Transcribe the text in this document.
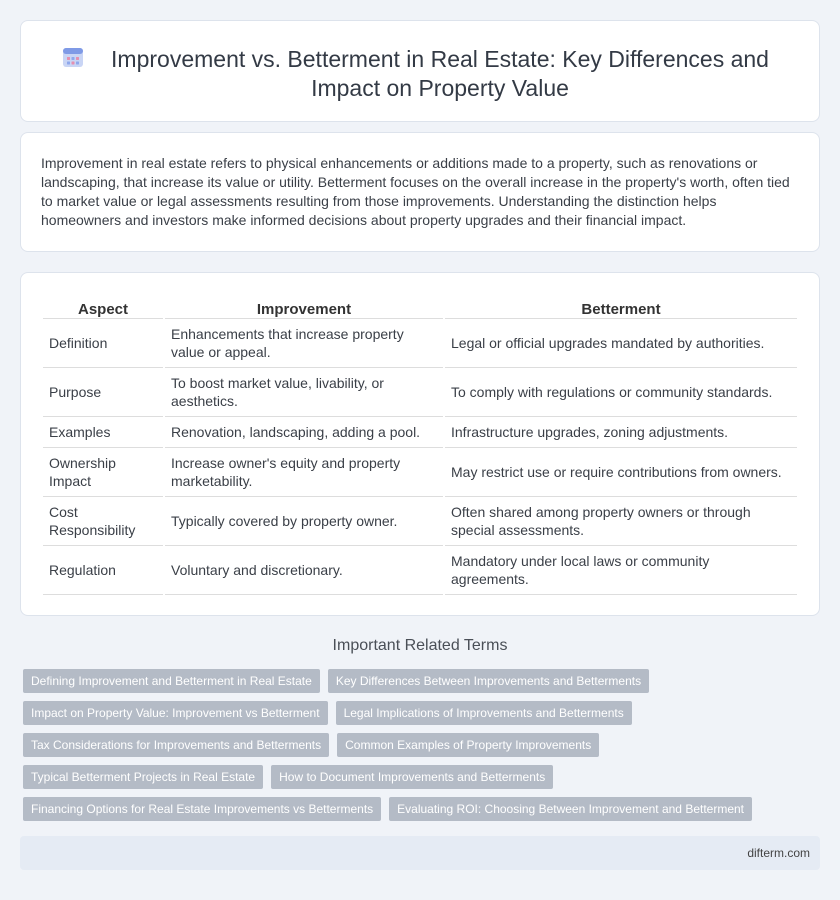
Improvement vs. Betterment in Real Estate: Key Differences and Impact on Property Value

Improvement in real estate refers to physical enhancements or additions made to a property, such as renovations or landscaping, that increase its value or utility. Betterment focuses on the overall increase in the property's worth, often tied to market value or legal assessments resulting from those improvements. Understanding the distinction helps homeowners and investors make informed decisions about property upgrades and their financial impact.

Aspect	Improvement	Betterment
Definition	Enhancements that increase property value or appeal.	Legal or official upgrades mandated by authorities.
Purpose	To boost market value, livability, or aesthetics.	To comply with regulations or community standards.
Examples	Renovation, landscaping, adding a pool.	Infrastructure upgrades, zoning adjustments.
Ownership Impact	Increase owner's equity and property marketability.	May restrict use or require contributions from owners.
Cost Responsibility	Typically covered by property owner.	Often shared among property owners or through special assessments.
Regulation	Voluntary and discretionary.	Mandatory under local laws or community agreements.
Important Related Terms
Defining Improvement and Betterment in Real Estate	Key Differences Between Improvements and Betterments
Impact on Property Value: Improvement vs Betterment	Legal Implications of Improvements and Betterments
Tax Considerations for Improvements and Betterments	Common Examples of Property Improvements
Typical Betterment Projects in Real Estate	How to Document Improvements and Betterments
Financing Options for Real Estate Improvements vs Betterments	Evaluating ROI: Choosing Between Improvement and Betterment
difterm.com
